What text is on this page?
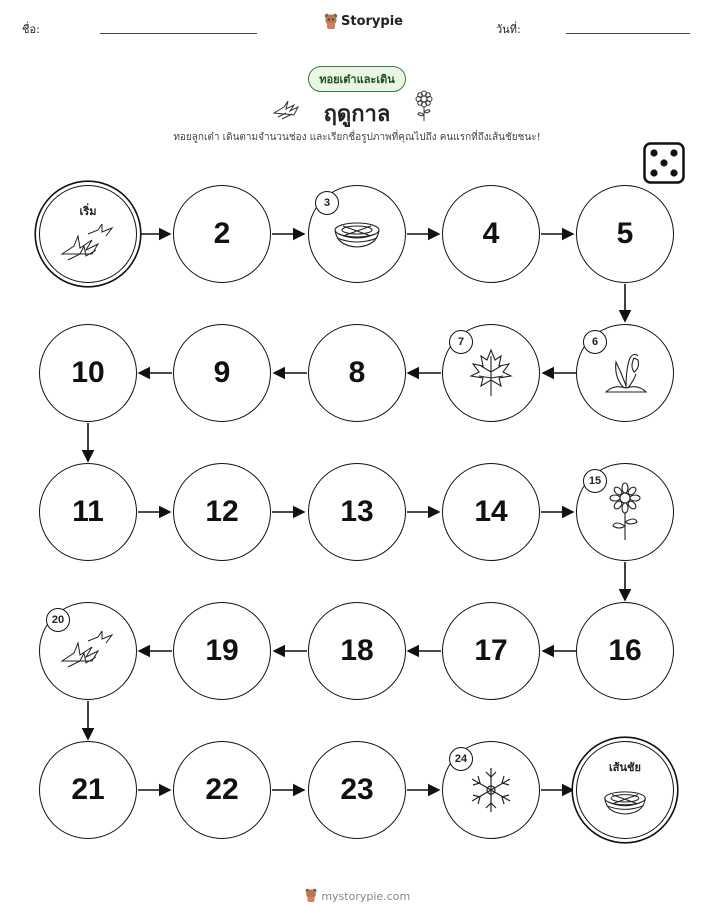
ชื่อ:
Storypie
วันที่:
ทอยเต๋าและเดิน
ฤดูกาล
ทอยลูกเต๋า เดินตามจำนวนช่อง และเรียกชื่อรูปภาพที่คุณไปถึง คนแรกที่ถึงเส้นชัยชนะ!
เริ่ม
2
3
4	5
10	9	8
7	6
11	12	13	14
15
20
19	18	17	16
21	22	23
24
เส้นชัย
mystorypie.com
